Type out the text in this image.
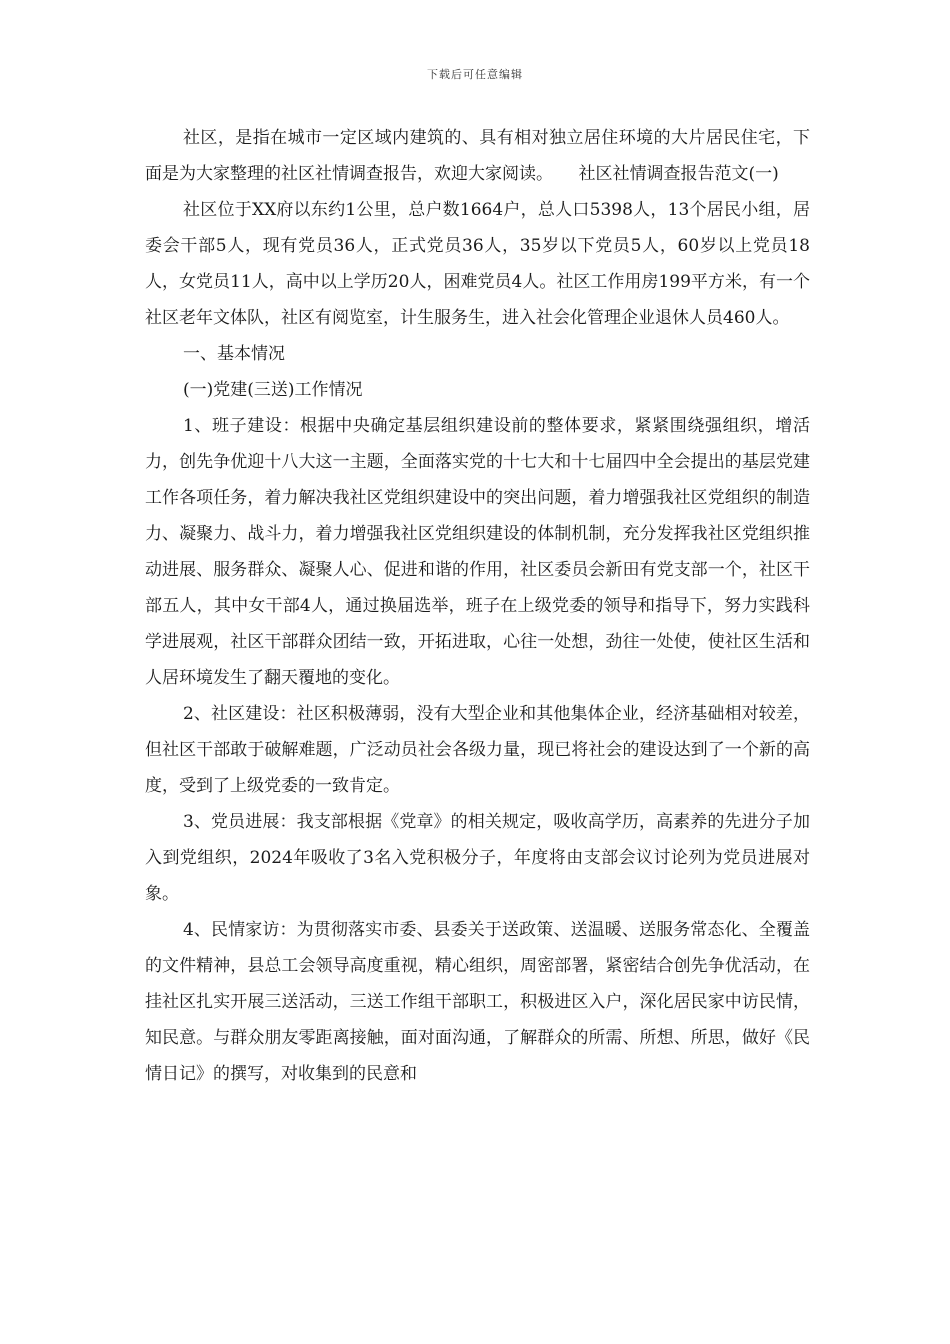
下载后可任意编辑

社区，是指在城市一定区域内建筑的、具有相对独立居住环境的大片居民住宅，下面是为大家整理的社区社情调查报告，欢迎大家阅读。　　社区社情调查报告范文(一)

社区位于XX府以东约1公里，总户数1664户，总人口5398人，13个居民小组，居委会干部5人，现有党员36人，正式党员36人，35岁以下党员5人，60岁以上党员18人，女党员11人，高中以上学历20人，困难党员4人。社区工作用房199平方米，有一个社区老年文体队，社区有阅览室，计生服务生，进入社会化管理企业退休人员460人。

一、基本情况

(一)党建(三送)工作情况

1、班子建设：根据中央确定基层组织建设前的整体要求，紧紧围绕强组织，增活力，创先争优迎十八大这一主题，全面落实党的十七大和十七届四中全会提出的基层党建工作各项任务，着力解决我社区党组织建设中的突出问题，着力增强我社区党组织的制造力、凝聚力、战斗力，着力增强我社区党组织建设的体制机制，充分发挥我社区党组织推动进展、服务群众、凝聚人心、促进和谐的作用，社区委员会新田有党支部一个，社区干部五人，其中女干部4人，通过换届选举，班子在上级党委的领导和指导下，努力实践科学进展观，社区干部群众团结一致，开拓进取，心往一处想，劲往一处使，使社区生活和人居环境发生了翻天覆地的变化。

2、社区建设：社区积极薄弱，没有大型企业和其他集体企业，经济基础相对较差，但社区干部敢于破解难题，广泛动员社会各级力量，现已将社会的建设达到了一个新的高度，受到了上级党委的一致肯定。

3、党员进展：我支部根据《党章》的相关规定，吸收高学历，高素养的先进分子加入到党组织，2024年吸收了3名入党积极分子，年度将由支部会议讨论列为党员进展对象。

4、民情家访：为贯彻落实市委、县委关于送政策、送温暖、送服务常态化、全覆盖的文件精神，县总工会领导高度重视，精心组织，周密部署，紧密结合创先争优活动，在挂社区扎实开展三送活动，三送工作组干部职工，积极进区入户，深化居民家中访民情，知民意。与群众朋友零距离接触，面对面沟通，了解群众的所需、所想、所思，做好《民情日记》的撰写，对收集到的民意和
